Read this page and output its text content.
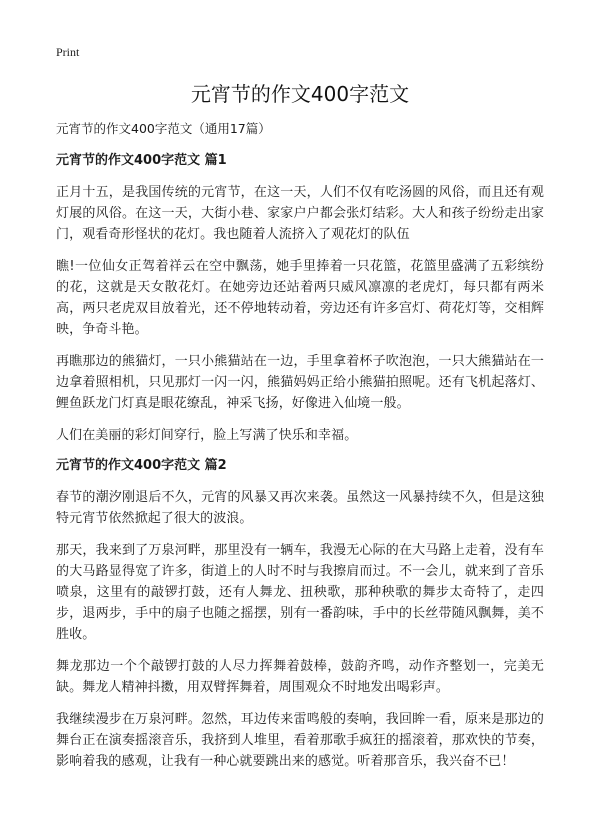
Print
元宵节的作文400字范文

元宵节的作文400字范文（通用17篇）

元宵节的作文400字范文 篇1

正月十五，是我国传统的元宵节，在这一天，人们不仅有吃汤圆的风俗，而且还有观灯展的风俗。在这一天，大街小巷、家家户户都会张灯结彩。大人和孩子纷纷走出家门，观看奇形怪状的花灯。我也随着人流挤入了观花灯的队伍

瞧!一位仙女正驾着祥云在空中飘荡，她手里捧着一只花篮，花篮里盛满了五彩缤纷的花，这就是天女散花灯。在她旁边还站着两只威风凛凛的老虎灯，每只都有两米高，两只老虎双目放着光，还不停地转动着，旁边还有许多宫灯、荷花灯等，交相辉映，争奇斗艳。

再瞧那边的熊猫灯，一只小熊猫站在一边，手里拿着杯子吹泡泡，一只大熊猫站在一边拿着照相机，只见那灯一闪一闪，熊猫妈妈正给小熊猫拍照呢。还有飞机起落灯、鲤鱼跃龙门灯真是眼花缭乱，神采飞扬，好像进入仙境一般。

人们在美丽的彩灯间穿行，脸上写满了快乐和幸福。

元宵节的作文400字范文 篇2

春节的潮汐刚退后不久，元宵的风暴又再次来袭。虽然这一风暴持续不久，但是这独特元宵节依然掀起了很大的波浪。

那天，我来到了万泉河畔，那里没有一辆车，我漫无心际的在大马路上走着，没有车的大马路显得宽了许多，街道上的人时不时与我擦肩而过。不一会儿，就来到了音乐喷泉，这里有的敲锣打鼓，还有人舞龙、扭秧歌，那种秧歌的舞步太奇特了，走四步，退两步，手中的扇子也随之摇摆，别有一番韵味，手中的长丝带随风飘舞，美不胜收。

舞龙那边一个个敲锣打鼓的人尽力挥舞着鼓棒，鼓韵齐鸣，动作齐整划一，完美无缺。舞龙人精神抖擞，用双臂挥舞着，周围观众不时地发出喝彩声。

我继续漫步在万泉河畔。忽然，耳边传来雷鸣般的奏响，我回眸一看，原来是那边的舞台正在演奏摇滚音乐，我挤到人堆里，看着那歌手疯狂的摇滚着，那欢快的节奏，影响着我的感观，让我有一种心就要跳出来的感觉。听着那音乐，我兴奋不已！
